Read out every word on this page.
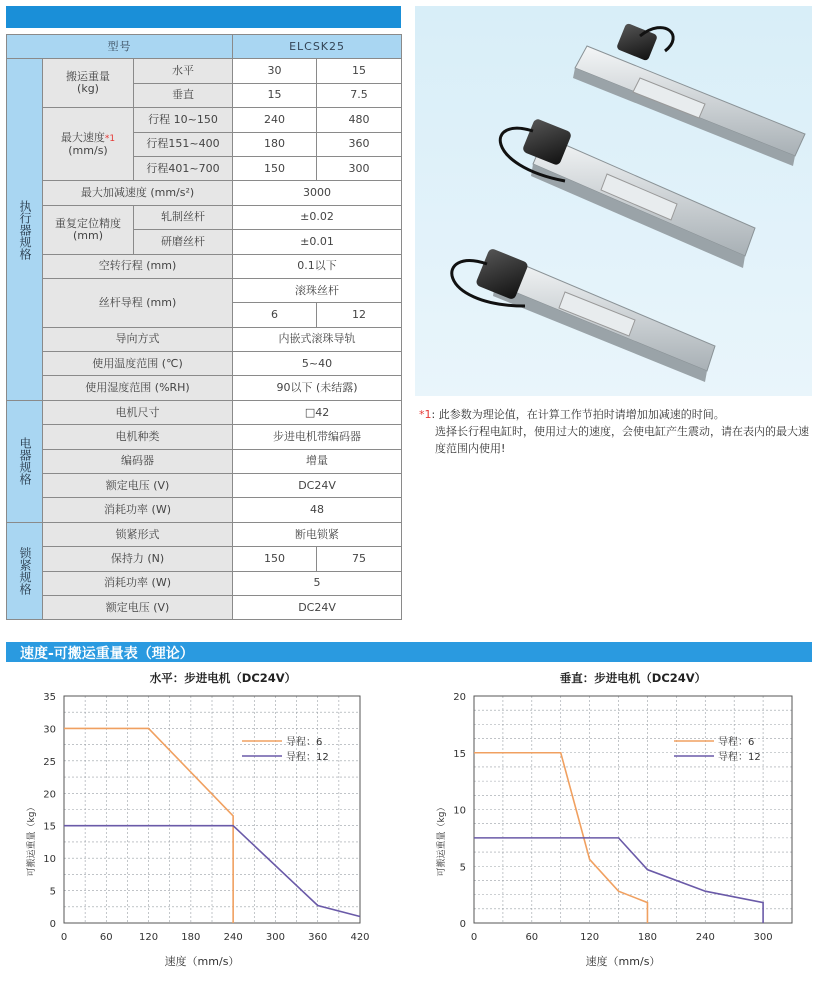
型号			ELCSK25	
执行器规格	搬运重量
(kg)	水平	30	15
		垂直	15	7.5
	最大速度*1
(mm/s)	行程 10~150	240	480
		行程151~400	180	360
		行程401~700	150	300
	最大加减速度 (mm/s²)		3000	
	重复定位精度
(mm)	轧制丝杆	±0.02	
		研磨丝杆	±0.01	
	空转行程 (mm)		0.1以下	
	丝杆导程 (mm)		滚珠丝杆	
			6	12
	导向方式		内嵌式滚珠导轨	
	使用温度范围 (℃)		5~40	
	使用湿度范围 (%RH)		90以下 (未结露)	
电器规格	电机尺寸		□42	
	电机种类		步进电机带编码器	
	编码器		增量	
	额定电压 (V)		DC24V	
	消耗功率 (W)		48	
锁紧规格	锁紧形式		断电锁紧	
	保持力 (N)		150	75
	消耗功率 (W)		5	
	额定电压 (V)		DC24V	
*1: 此参数为理论值，在计算工作节拍时请增加加减速的时间。
选择长行程电缸时，使用过大的速度，会使电缸产生震动，请在表内的最大速度范围内使用!
速度-可搬运重量表（理论）
水平：步进电机（DC24V）	垂直：步进电机（DC24V）
0	60	120 180 240 300 360 420
0
5
10
15
20
25
30
35
速度（mm/s）
可搬运重量（kg）
导程：6
导程：12
0	60	120	180	240	300
0
5
10
15
20
速度（mm/s）
可搬运重量（kg）
导程：6
导程：12
